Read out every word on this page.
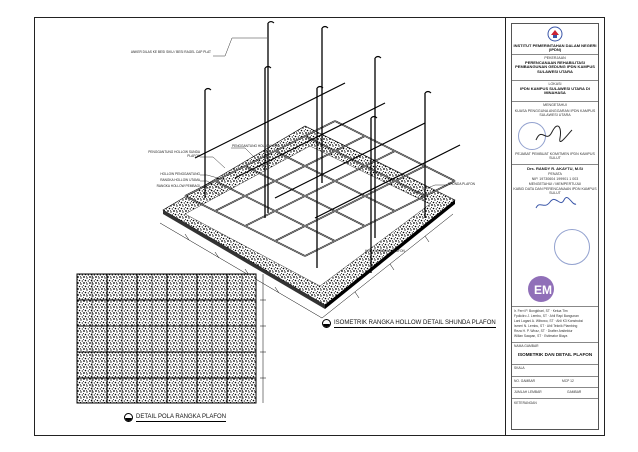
ANKER DILAS KE BESI SIKU / BESI RAGEL CAP PLAT
PENGGANTUNG HOLLOW ROD
PENGGANTUNG HOLLOW SUNDA PLAFON
HOLLOW PENGGANTUNG
RANGKA HOLLOW UTAMA
RANGKA HOLLOW PEMBAGI	SHUNDA PLAFON
HOLLOW BAWAH PLAFON
ISOMETRIK RANGKA HOLLOW DETAIL SHUNDA PLAFON
DETAIL POLA RANGKA PLAFON
INSTITUT PEMERINTAHAN DALAM NEGERI (IPDN)
PEKERJAAN
PERENCANAAN REHABILITASI PEMBANGUNAN GEDUNG IPDN KAMPUS SULAWESI UTARA
LOKASI
IPDN KAMPUS SULAWESI UTARA DI MINAHASA
MENGETAHUI
KUASA PENGGUNA ANGGARAN IPDN KAMPUS SULAWESI UTARA
PEJABAT PEMBUAT KOMITMEN IPDN KAMPUS SULUT
Drs. RANDY R. AKAYTU, M.Si
PENATA
NIP. 19730604 199901 1 003
MENGETAHUI / MEMPERTUJUI
KABID DATA DAN PERENCANAAN IPDN KAMPUS SULUT
EM
Ir. Ferri P. Bongkhari, ST · Ketua Tim
Fpdiciiro J. Lembu, ST · Ahli Rapi Bangunan
Lani Lagani A. Wibowo, ST · Ahli K3 Konstruksi
Ismeri N. Lembu, ST · Ahli Teknik Plambing
Reza H. P. Wiraz, ST · Drafter Arsitektur
Wilian Saapan, ST · Estimator Biaya
NAMA GAMBAR
ISOMETRIK DAN DETAIL PLAFON
SKALA
NO. GAMBAR	MCP 12
JUMLAH LEMBAR	GAMBAR
KETERANGAN
